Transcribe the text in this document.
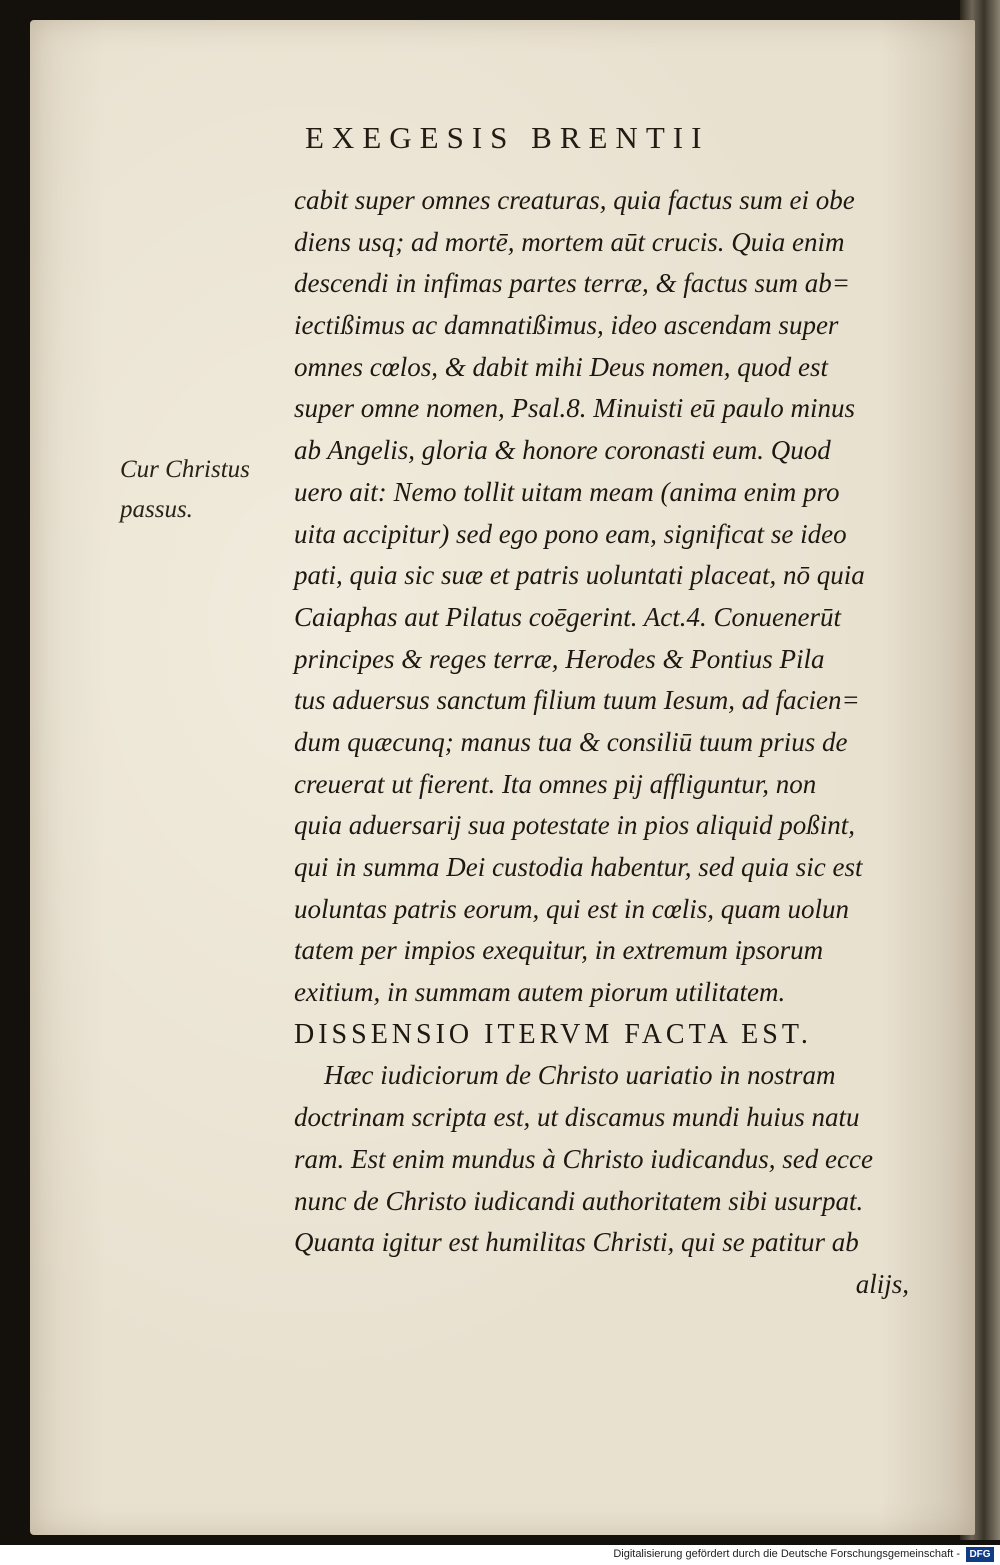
EXEGESIS BRENTII
Cur Christus
passus.
cabit super omnes creaturas, quia factus sum ei obe
diens usq; ad mortē, mortem aūt crucis. Quia enim
descendi in infimas partes terræ, & factus sum ab=
iectißimus ac damnatißimus, ideo ascendam super
omnes cœlos, & dabit mihi Deus nomen, quod est
super omne nomen, Psal.8. Minuisti eū paulo minus
ab Angelis, gloria & honore coronasti eum. Quod
uero ait: Nemo tollit uitam meam (anima enim pro
uita accipitur) sed ego pono eam, significat se ideo
pati, quia sic suæ et patris uoluntati placeat, nō quia
Caiaphas aut Pilatus coēgerint. Act.4. Conuenerūt
principes & reges terræ, Herodes & Pontius Pila
tus aduersus sanctum filium tuum Iesum, ad facien=
dum quæcunq; manus tua & consiliū tuum prius de
creuerat ut fierent. Ita omnes pij affliguntur, non
quia aduersarij sua potestate in pios aliquid poßint,
qui in summa Dei custodia habentur, sed quia sic est
uoluntas patris eorum, qui est in cœlis, quam uolun
tatem per impios exequitur, in extremum ipsorum
exitium, in summam autem piorum utilitatem.
DISSENSIO ITERVM FACTA EST.
Hæc iudiciorum de Christo uariatio in nostram
doctrinam scripta est, ut discamus mundi huius natu
ram. Est enim mundus à Christo iudicandus, sed ecce
nunc de Christo iudicandi authoritatem sibi usurpat.
Quanta igitur est humilitas Christi, qui se patitur ab
alijs,
Digitalisierung gefördert durch die Deutsche Forschungsgemeinschaft - DFG
